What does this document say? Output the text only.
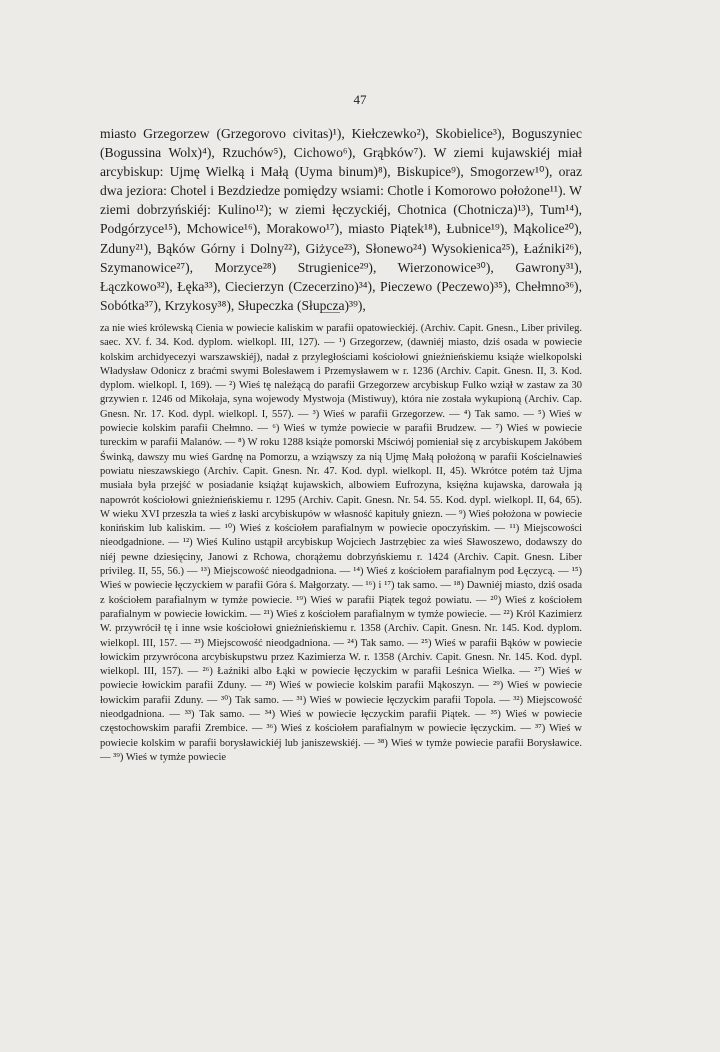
47

miasto Grzegorzew (Grzegorovo civitas)¹), Kiełczewko²), Skobielice³), Boguszyniec (Bogussina Wolx)⁴), Rzuchów⁵), Cichowo⁶), Grąbków⁷). W ziemi kujawskiéj miał arcybiskup: Ujmę Wielką i Małą (Uyma binum)⁸), Biskupice⁹), Smogorzew¹⁰), oraz dwa jeziora: Chotel i Bezdziedze pomiędzy wsiami: Chotle i Komorowo położone¹¹). W ziemi dobrzyńskiéj: Kulino¹²); w ziemi łęczyckiéj, Chotnica (Chotnicza)¹³), Tum¹⁴), Podgórzyce¹⁵), Mchowice¹⁶), Morakowo¹⁷), miasto Piątek¹⁸), Łubnice¹⁹), Mąkolice²⁰), Zduny²¹), Bąków Górny i Dolny²²), Giżyce²³), Słonewo²⁴) Wysokienica²⁵), Łaźniki²⁶), Szymanowice²⁷), Morzyce²⁸) Strugienice²⁹), Wierzonowice³⁰), Gawrony³¹), Łączkowo³²), Łęka³³), Ciecierzyn (Czecerzino)³⁴), Pieczewo (Peczewo)³⁵), Chełmno³⁶), Sobótka³⁷), Krzykosy³⁸), Słupeczka (Słupcza)³⁹),

za nie wieś królewską Cienia w powiecie kaliskim w parafii opatowieckiéj. (Archiv. Capit. Gnesn., Liber privileg. saec. XV. f. 34. Kod. dyplom. wielkopl. III, 127). — ¹) Grzegorzew, (dawniéj miasto, dziś osada w powiecie kolskim archidyecezyi warszawskiéj), nadał z przyległościami kościołowi gnieźnieńskiemu książe wielkopolski Władysław Odonicz z braćmi swymi Bolesławem i Przemysławem w r. 1236 (Archiv. Capit. Gnesn. II, 3. Kod. dyplom. wielkopl. I, 169). — ²) Wieś tę należącą do parafii Grzegorzew arcybiskup Fulko wziął w zastaw za 30 grzywien r. 1246 od Mikołaja, syna wojewody Mystwoja (Mistiwuy), która nie została wykupioną (Archiv. Cap. Gnesn. Nr. 17. Kod. dypl. wielkopl. I, 557). — ³) Wieś w parafii Grzegorzew. — ⁴) Tak samo. — ⁵) Wieś w powiecie kolskim parafii Chełmno. — ⁶) Wieś w tymże powiecie w parafii Brudzew. — ⁷) Wieś w powiecie tureckim w parafii Malanów. — ⁸) W roku 1288 książe pomorski Mściwój pomieniał się z arcybiskupem Jakóbem Świnką, dawszy mu wieś Gardnę na Pomorzu, a wziąwszy za nią Ujmę Małą położoną w parafii Kościelnawieś powiatu nieszawskiego (Archiv. Capit. Gnesn. Nr. 47. Kod. dypl. wielkopl. II, 45). Wkrótce potém taż Ujma musiała była przejść w posiadanie książąt kujawskich, albowiem Eufrozyna, księżna kujawska, darowała ją napowrót kościołowi gnieźnieńskiemu r. 1295 (Archiv. Capit. Gnesn. Nr. 54. 55. Kod. dypl. wielkopl. II, 64, 65). W wieku XVI przeszła ta wieś z łaski arcybiskupów w własność kapituły gniezn. — ⁹) Wieś położona w powiecie konińskim lub kaliskim. — ¹⁰) Wieś z kościołem parafialnym w powiecie opoczyńskim. — ¹¹) Miejscowości nieodgadnione. — ¹²) Wieś Kulino ustąpił arcybiskup Wojciech Jastrzębiec za wieś Sławoszewo, dodawszy do niéj pewne dziesięciny, Janowi z Rchowa, chorążemu dobrzyńskiemu r. 1424 (Archiv. Capit. Gnesn. Liber privileg. II, 55, 56.) — ¹³) Miejscowość nieodgadniona. — ¹⁴) Wieś z kościołem parafialnym pod Łęczycą. — ¹⁵) Wieś w powiecie łęczyckiem w parafii Góra ś. Małgorzaty. — ¹⁶) i ¹⁷) tak samo. — ¹⁸) Dawniéj miasto, dziś osada z kościołem parafialnym w tymże powiecie. ¹⁹) Wieś w parafii Piątek tegoż powiatu. — ²⁰) Wieś z kościołem parafialnym w powiecie łowickim. — ²¹) Wieś z kościołem parafialnym w tymże powiecie. — ²²) Król Kazimierz W. przywrócił tę i inne wsie kościołowi gnieźnieńskiemu r. 1358 (Archiv. Capit. Gnesn. Nr. 145. Kod. dyplom. wielkopl. III, 157. — ²³) Miejscowość nieodgadniona. — ²⁴) Tak samo. — ²⁵) Wieś w parafii Bąków w powiecie łowickim przywrócona arcybiskupstwu przez Kazimierza W. r. 1358 (Archiv. Capit. Gnesn. Nr. 145. Kod. dypl. wielkopl. III, 157). — ²⁶) Łaźniki albo Łąki w powiecie łęczyckim w parafii Leśnica Wielka. — ²⁷) Wieś w powiecie łowickim parafii Zduny. — ²⁸) Wieś w powiecie kolskim parafii Mąkoszyn. — ²⁹) Wieś w powiecie łowickim parafii Zduny. — ³⁰) Tak samo. — ³¹) Wieś w powiecie łęczyckim parafii Topola. — ³²) Miejscowość nieodgadniona. — ³³) Tak samo. — ³⁴) Wieś w powiecie łęczyckim parafii Piątek. — ³⁵) Wieś w powiecie częstochowskim parafii Zrembice. — ³⁶) Wieś z kościołem parafialnym w powiecie łęczyckim. — ³⁷) Wieś w powiecie kolskim w parafii borysławickiéj lub janiszewskiéj. — ³⁸) Wieś w tymże powiecie parafii Borysławice. — ³⁹) Wieś w tymże powiecie
